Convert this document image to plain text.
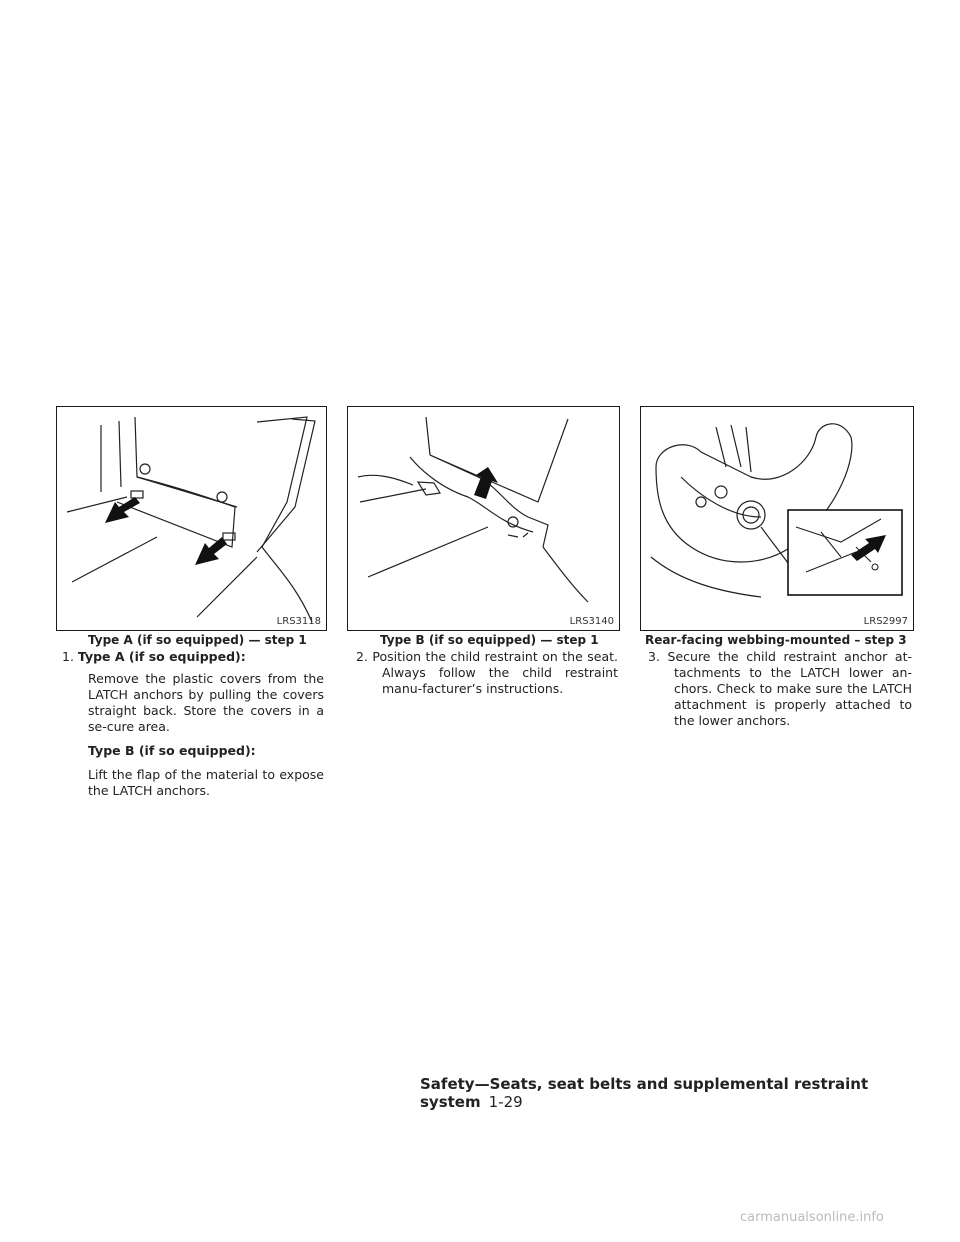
LRS3118	LRS3140	LRS2997
Type A (if so equipped) — step 1	Type B (if so equipped) — step 1	Rear-facing webbing-mounted – step 3

1. Type A (if so equipped):

Remove the plastic covers from the LATCH anchors by pulling the covers straight back. Store the covers in a se-cure area.

Type B (if so equipped):

Lift the flap of the material to expose the LATCH anchors.

2. Position the child restraint on the seat. Always follow the child restraint manu-facturer’s instructions.

3. Secure the child restraint anchor at-tachments to the LATCH lower an-chors. Check to make sure the LATCH attachment is properly attached to the lower anchors.

Safety—Seats, seat belts and supplemental restraint system 1-29
carmanualsonline.info
